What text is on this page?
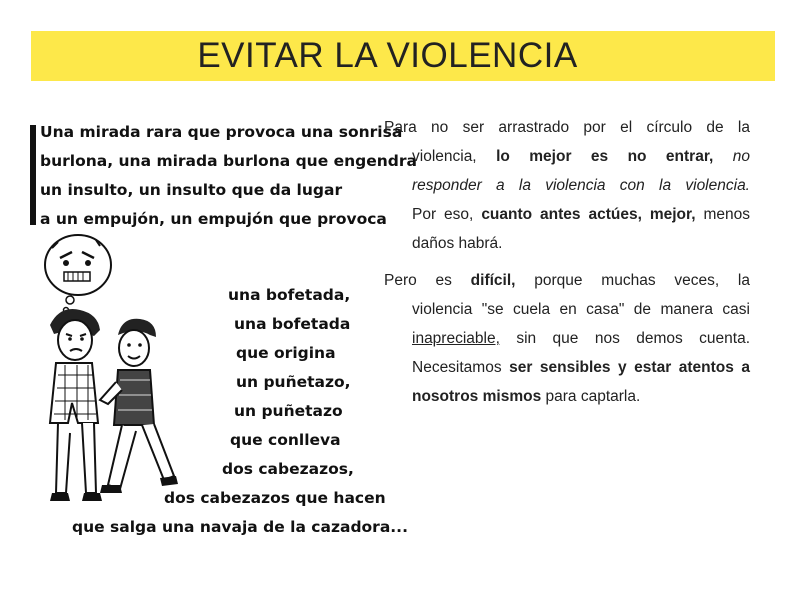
EVITAR LA VIOLENCIA
Una mirada rara que provoca una sonrisa
burlona, una mirada burlona que engendra
un insulto, un insulto que da lugar
a un empujón, un empujón que provoca
una bofetada,
una bofetada
que origina
un puñetazo,
un puñetazo
que conlleva
dos cabezazos,
dos cabezazos que hacen
que salga una navaja de la cazadora...
Para no ser arrastrado por el círculo de la
violencia, lo mejor es no entrar, no
responder a la violencia con la violencia.
Por eso, cuanto antes actúes, mejor, menos
daños habrá.
Pero es difícil, porque muchas veces, la
violencia "se cuela en casa" de manera casi
inapreciable, sin que nos demos cuenta.
Necesitamos ser sensibles y estar atentos a
nosotros mismos para captarla.
